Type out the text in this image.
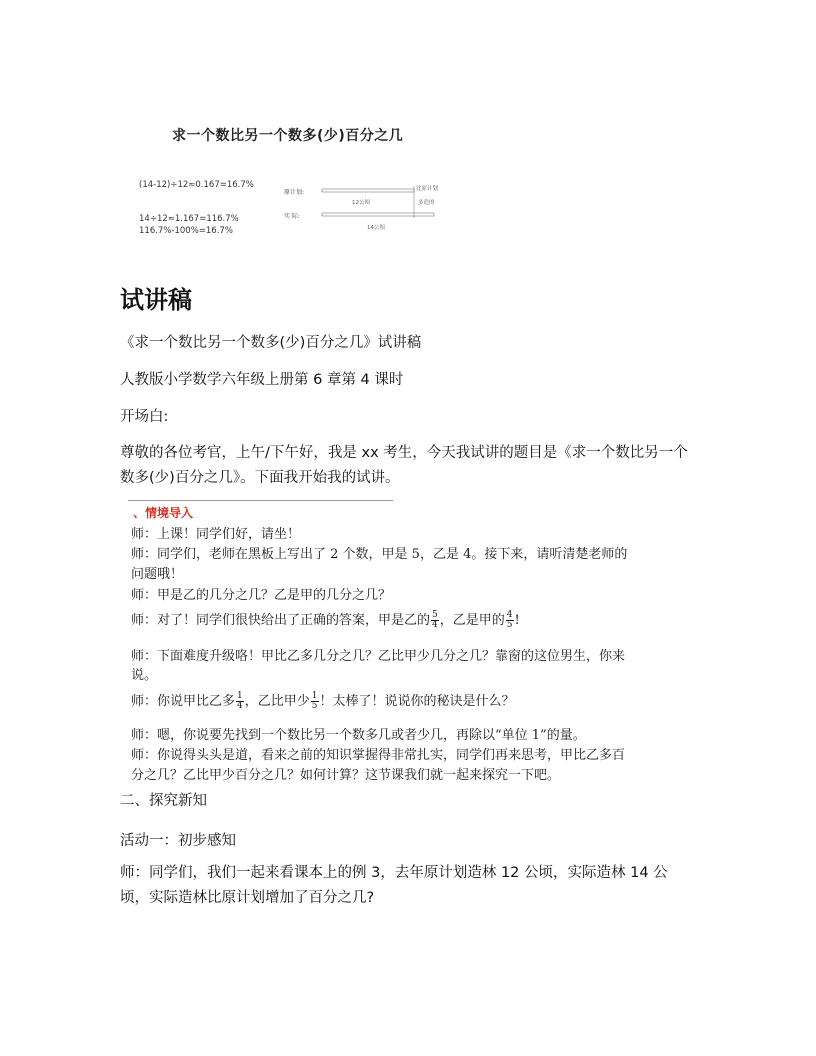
求一个数比另一个数多(少)百分之几
(14-12)÷12≈0.167=16.7%
14÷12≈1.167=116.7%
116.7%-100%=16.7%
原计划:
实 际:
12公顷
14公顷
比原计划
多造的
试讲稿
《求一个数比另一个数多(少)百分之几》试讲稿
人教版小学数学六年级上册第 6 章第 4 课时
开场白:
尊敬的各位考官，上午/下午好，我是 xx 考生，今天我试讲的题目是《求一个数比另一个数多(少)百分之几》。下面我开始我的试讲。
、情境导入
师：上课！同学们好，请坐！
师：同学们，老师在黑板上写出了 2 个数，甲是 5，乙是 4。接下来，请听清楚老师的
问题哦！
师：甲是乙的几分之几？乙是甲的几分之几？
师：对了！同学们很快给出了正确的答案，甲是乙的 $\frac{5}{4}$ ，乙是甲的 $\frac{4}{5}$ !
师：下面难度升级咯！甲比乙多几分之几？乙比甲少几分之几？靠窗的这位男生，你来
说。
师：你说甲比乙多 $\frac{1}{4}$ ，乙比甲少 $\frac{1}{5}$ ！太棒了！说说你的秘诀是什么？
师：嗯，你说要先找到一个数比另一个数多几或者少几，再除以“单位 1”的量。
师：你说得头头是道，看来之前的知识掌握得非常扎实，同学们再来思考，甲比乙多百
分之几？乙比甲少百分之几？如何计算？这节课我们就一起来探究一下吧。
二、探究新知
活动一：初步感知
师：同学们，我们一起来看课本上的例 3，去年原计划造林 12 公顷，实际造林 14 公顷，实际造林比原计划增加了百分之几?
